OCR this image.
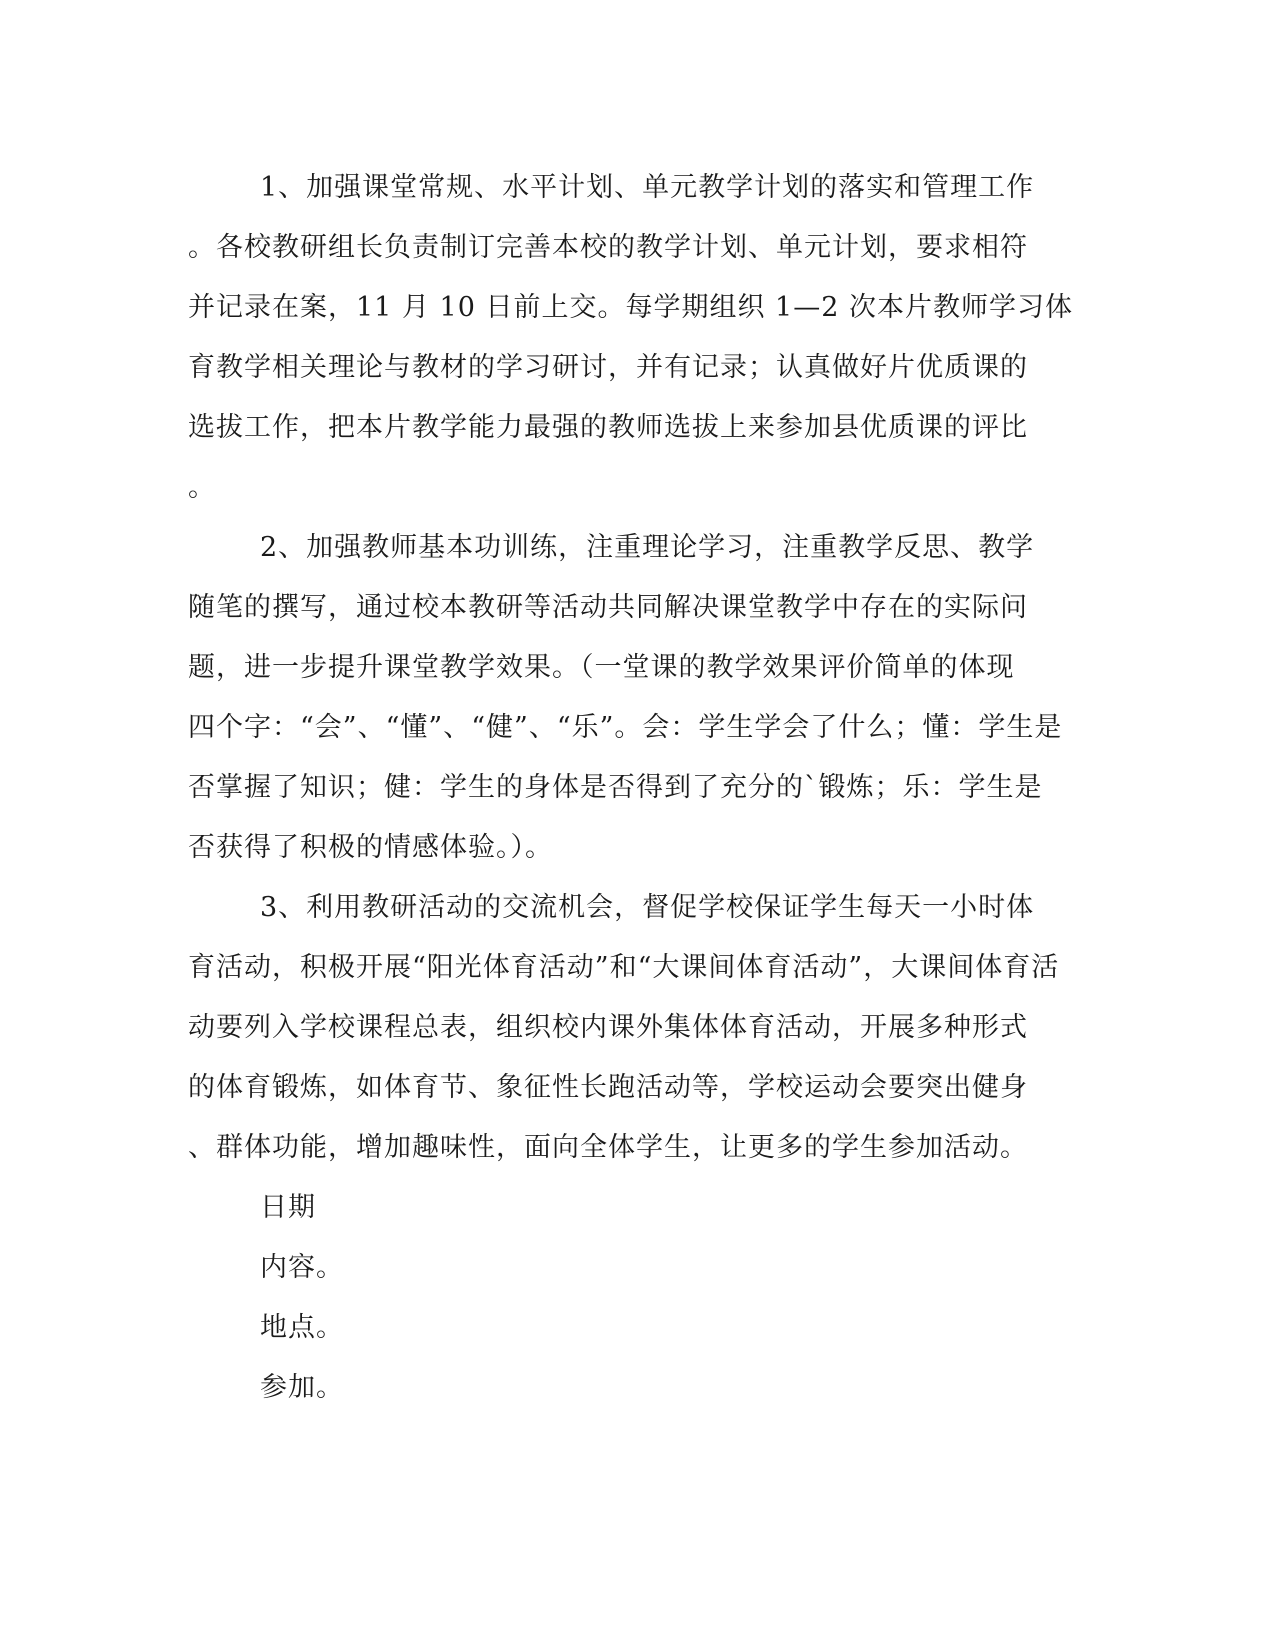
1、加强课堂常规、水平计划、单元教学计划的落实和管理工作
。各校教研组长负责制订完善本校的教学计划、单元计划，要求相符
并记录在案，11 月 10 日前上交。每学期组织 1—2 次本片教师学习体
育教学相关理论与教材的学习研讨，并有记录；认真做好片优质课的
选拔工作，把本片教学能力最强的教师选拔上来参加县优质课的评比
。
2、加强教师基本功训练，注重理论学习，注重教学反思、教学
随笔的撰写，通过校本教研等活动共同解决课堂教学中存在的实际问
题，进一步提升课堂教学效果。（一堂课的教学效果评价简单的体现
四个字：“会”、“懂”、“健”、“乐”。会：学生学会了什么；懂：学生是
否掌握了知识；健：学生的身体是否得到了充分的`锻炼；乐：学生是
否获得了积极的情感体验。）。
3、利用教研活动的交流机会，督促学校保证学生每天一小时体
育活动，积极开展“阳光体育活动”和“大课间体育活动”，大课间体育活
动要列入学校课程总表，组织校内课外集体体育活动，开展多种形式
的体育锻炼，如体育节、象征性长跑活动等，学校运动会要突出健身
、群体功能，增加趣味性，面向全体学生，让更多的学生参加活动。
日期
内容。
地点。
参加。
